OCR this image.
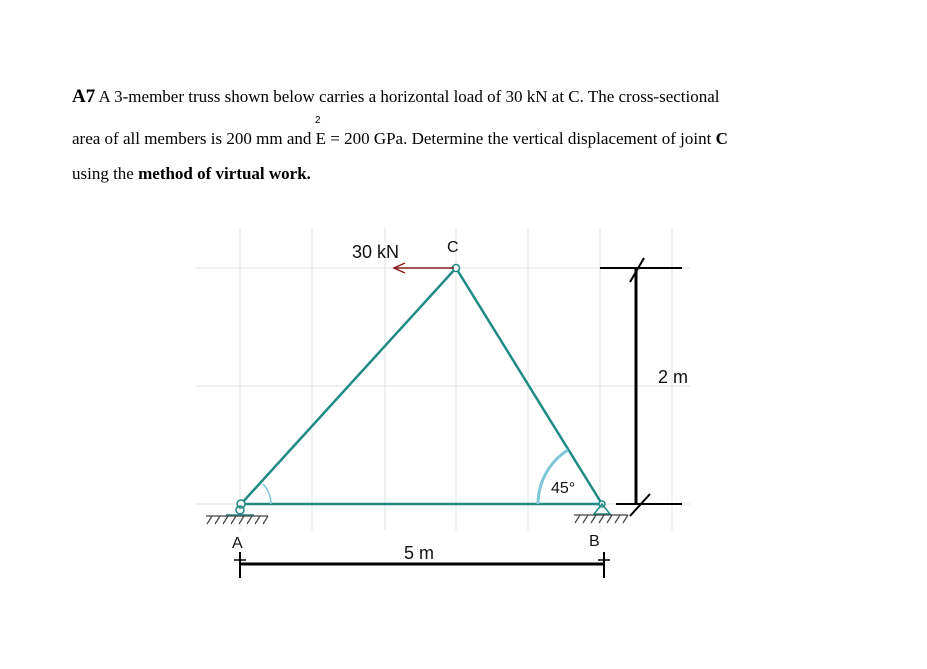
A7 A 3-member truss shown below carries a horizontal load of 30 kN at C. The cross-sectional
2
area of all members is 200 mm and E = 200 GPa. Determine the vertical displacement of joint C
using the method of virtual work.
30 kN	C
A	B
45°
2 m
5 m
